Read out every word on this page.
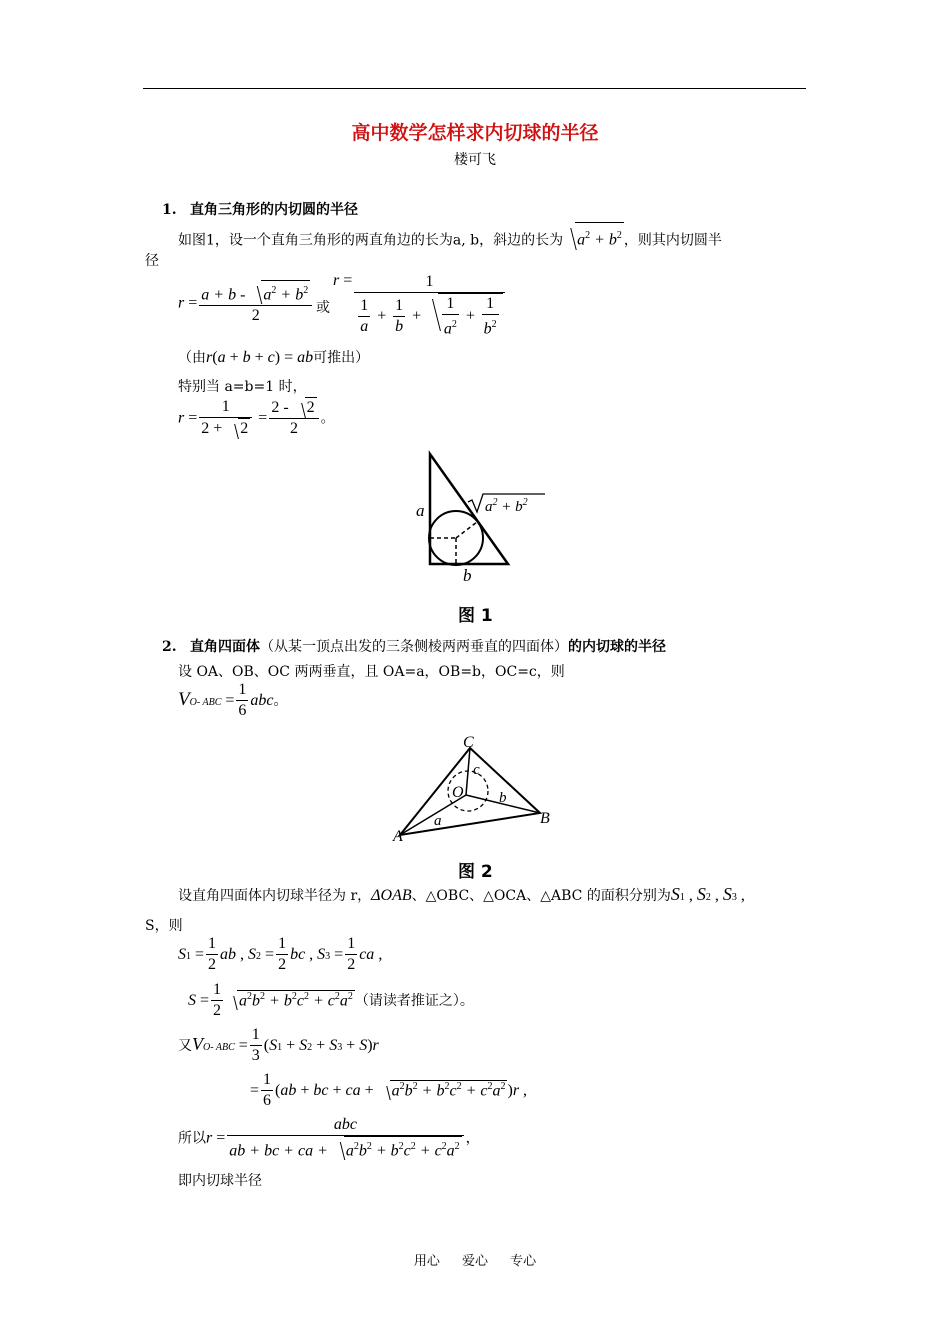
高中数学怎样求内切球的半径
楼可飞
1. 直角三角形的内切圆的半径
如图1，设一个直角三角形的两直角边的长为a, b，斜边的长为 $a^2 + b^2$ ，则其内切圆半
径
$r = \frac{a + b - a^2 + b^2}{2}$ 或
$r = \frac{1}{\frac{1}{a} + \frac{1}{b} + \frac{1}{a^2} + \frac{1}{b^2}}$
（由r(a + b + c) = ab可推出）
特别当 a=b=1 时，
$r = \frac{1}{2 + 2} = \frac{2 - 2}{2}$ 。
a
b
$a^2 + b^2$
图 1
2. 直角四面体（从某一顶点出发的三条侧棱两两垂直的四面体）的内切球的半径
设 OA、OB、OC 两两垂直，且 OA=a，OB=b，OC=c，则
VO- ABC = $\frac{1}{6}$ abc。
C
c
O b
B
A
a
图 2
设直角四面体内切球半径为 r，ΔOAB、△OBC、△OCA、△ABC 的面积分别为S1 , S2 , S3 ,
S，则
$S1 = \frac{1}{2}$ ab , $S2 = \frac{1}{2}$ bc , $S3 = \frac{1}{2}$ ca ,
$S = \frac{1}{2} a^2b^2 + b^2c^2 + c^2a^2$ （请读者推证之）。
又VO- ABC = $\frac{1}{3} (S1 + S2 + S3 + S)r$
= $\frac{1}{6} (ab$ + bc + ca + $a^2b^2 + b^2c^2 + c^2a^2$ )r ,
所以$r = \frac{\text{abc}}{ab + bc + ca + a^2b^2 + b^2c^2 + c^2a^2}$ ，
即内切球半径
用心 爱心 专心
